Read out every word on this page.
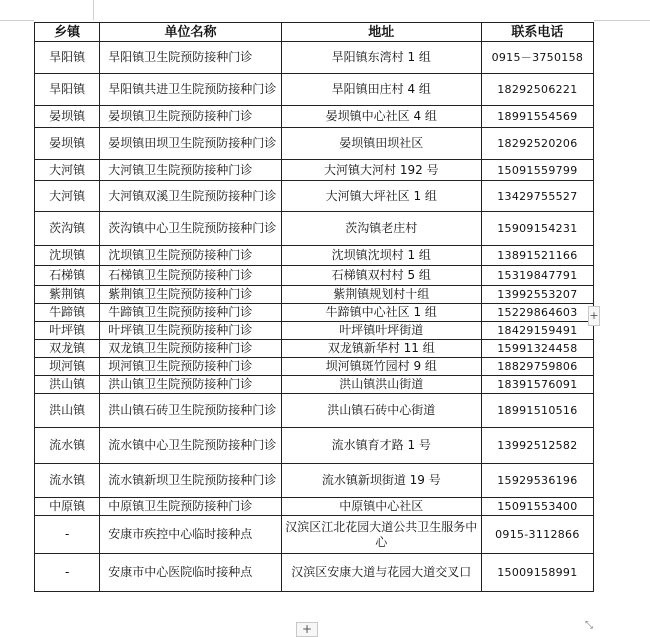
乡镇	单位名称	地址	联系电话
旱阳镇	旱阳镇卫生院预防接种门诊	旱阳镇东湾村 1 组	0915－3750158
旱阳镇	旱阳镇共进卫生院预防接种门诊	旱阳镇田庄村 4 组	18292506221
晏坝镇	晏坝镇卫生院预防接种门诊	晏坝镇中心社区 4 组	18991554569
晏坝镇	晏坝镇田坝卫生院预防接种门诊	晏坝镇田坝社区	18292520206
大河镇	大河镇卫生院预防接种门诊	大河镇大河村 192 号	15091559799
大河镇	大河镇双溪卫生院预防接种门诊	大河镇大坪社区 1 组	13429755527
茨沟镇	茨沟镇中心卫生院预防接种门诊	茨沟镇老庄村	15909154231
沈坝镇	沈坝镇卫生院预防接种门诊	沈坝镇沈坝村 1 组	13891521166
石梯镇	石梯镇卫生院预防接种门诊	石梯镇双村村 5 组	15319847791
紫荆镇	紫荆镇卫生院预防接种门诊	紫荆镇规划村十组	13992553207
牛蹄镇	牛蹄镇卫生院预防接种门诊	牛蹄镇中心社区 1 组	15229864603
叶坪镇	叶坪镇卫生院预防接种门诊	叶坪镇叶坪街道	18429159491
双龙镇	双龙镇卫生院预防接种门诊	双龙镇新华村 11 组	15991324458
坝河镇	坝河镇卫生院预防接种门诊	坝河镇斑竹园村 9 组	18829759806
洪山镇	洪山镇卫生院预防接种门诊	洪山镇洪山街道	18391576091
洪山镇	洪山镇石砖卫生院预防接种门诊	洪山镇石砖中心街道	18991510516
流水镇	流水镇中心卫生院预防接种门诊	流水镇育才路 1 号	13992512582
流水镇	流水镇新坝卫生院预防接种门诊	流水镇新坝街道 19 号	15929536196
中原镇	中原镇卫生院预防接种门诊	中原镇中心社区	15091553400
-	安康市疾控中心临时接种点	汉滨区江北花园大道公共卫生服务中心	0915-3112866
-	安康市中心医院临时接种点	汉滨区安康大道与花园大道交叉口	15009158991
+
+	⤡
